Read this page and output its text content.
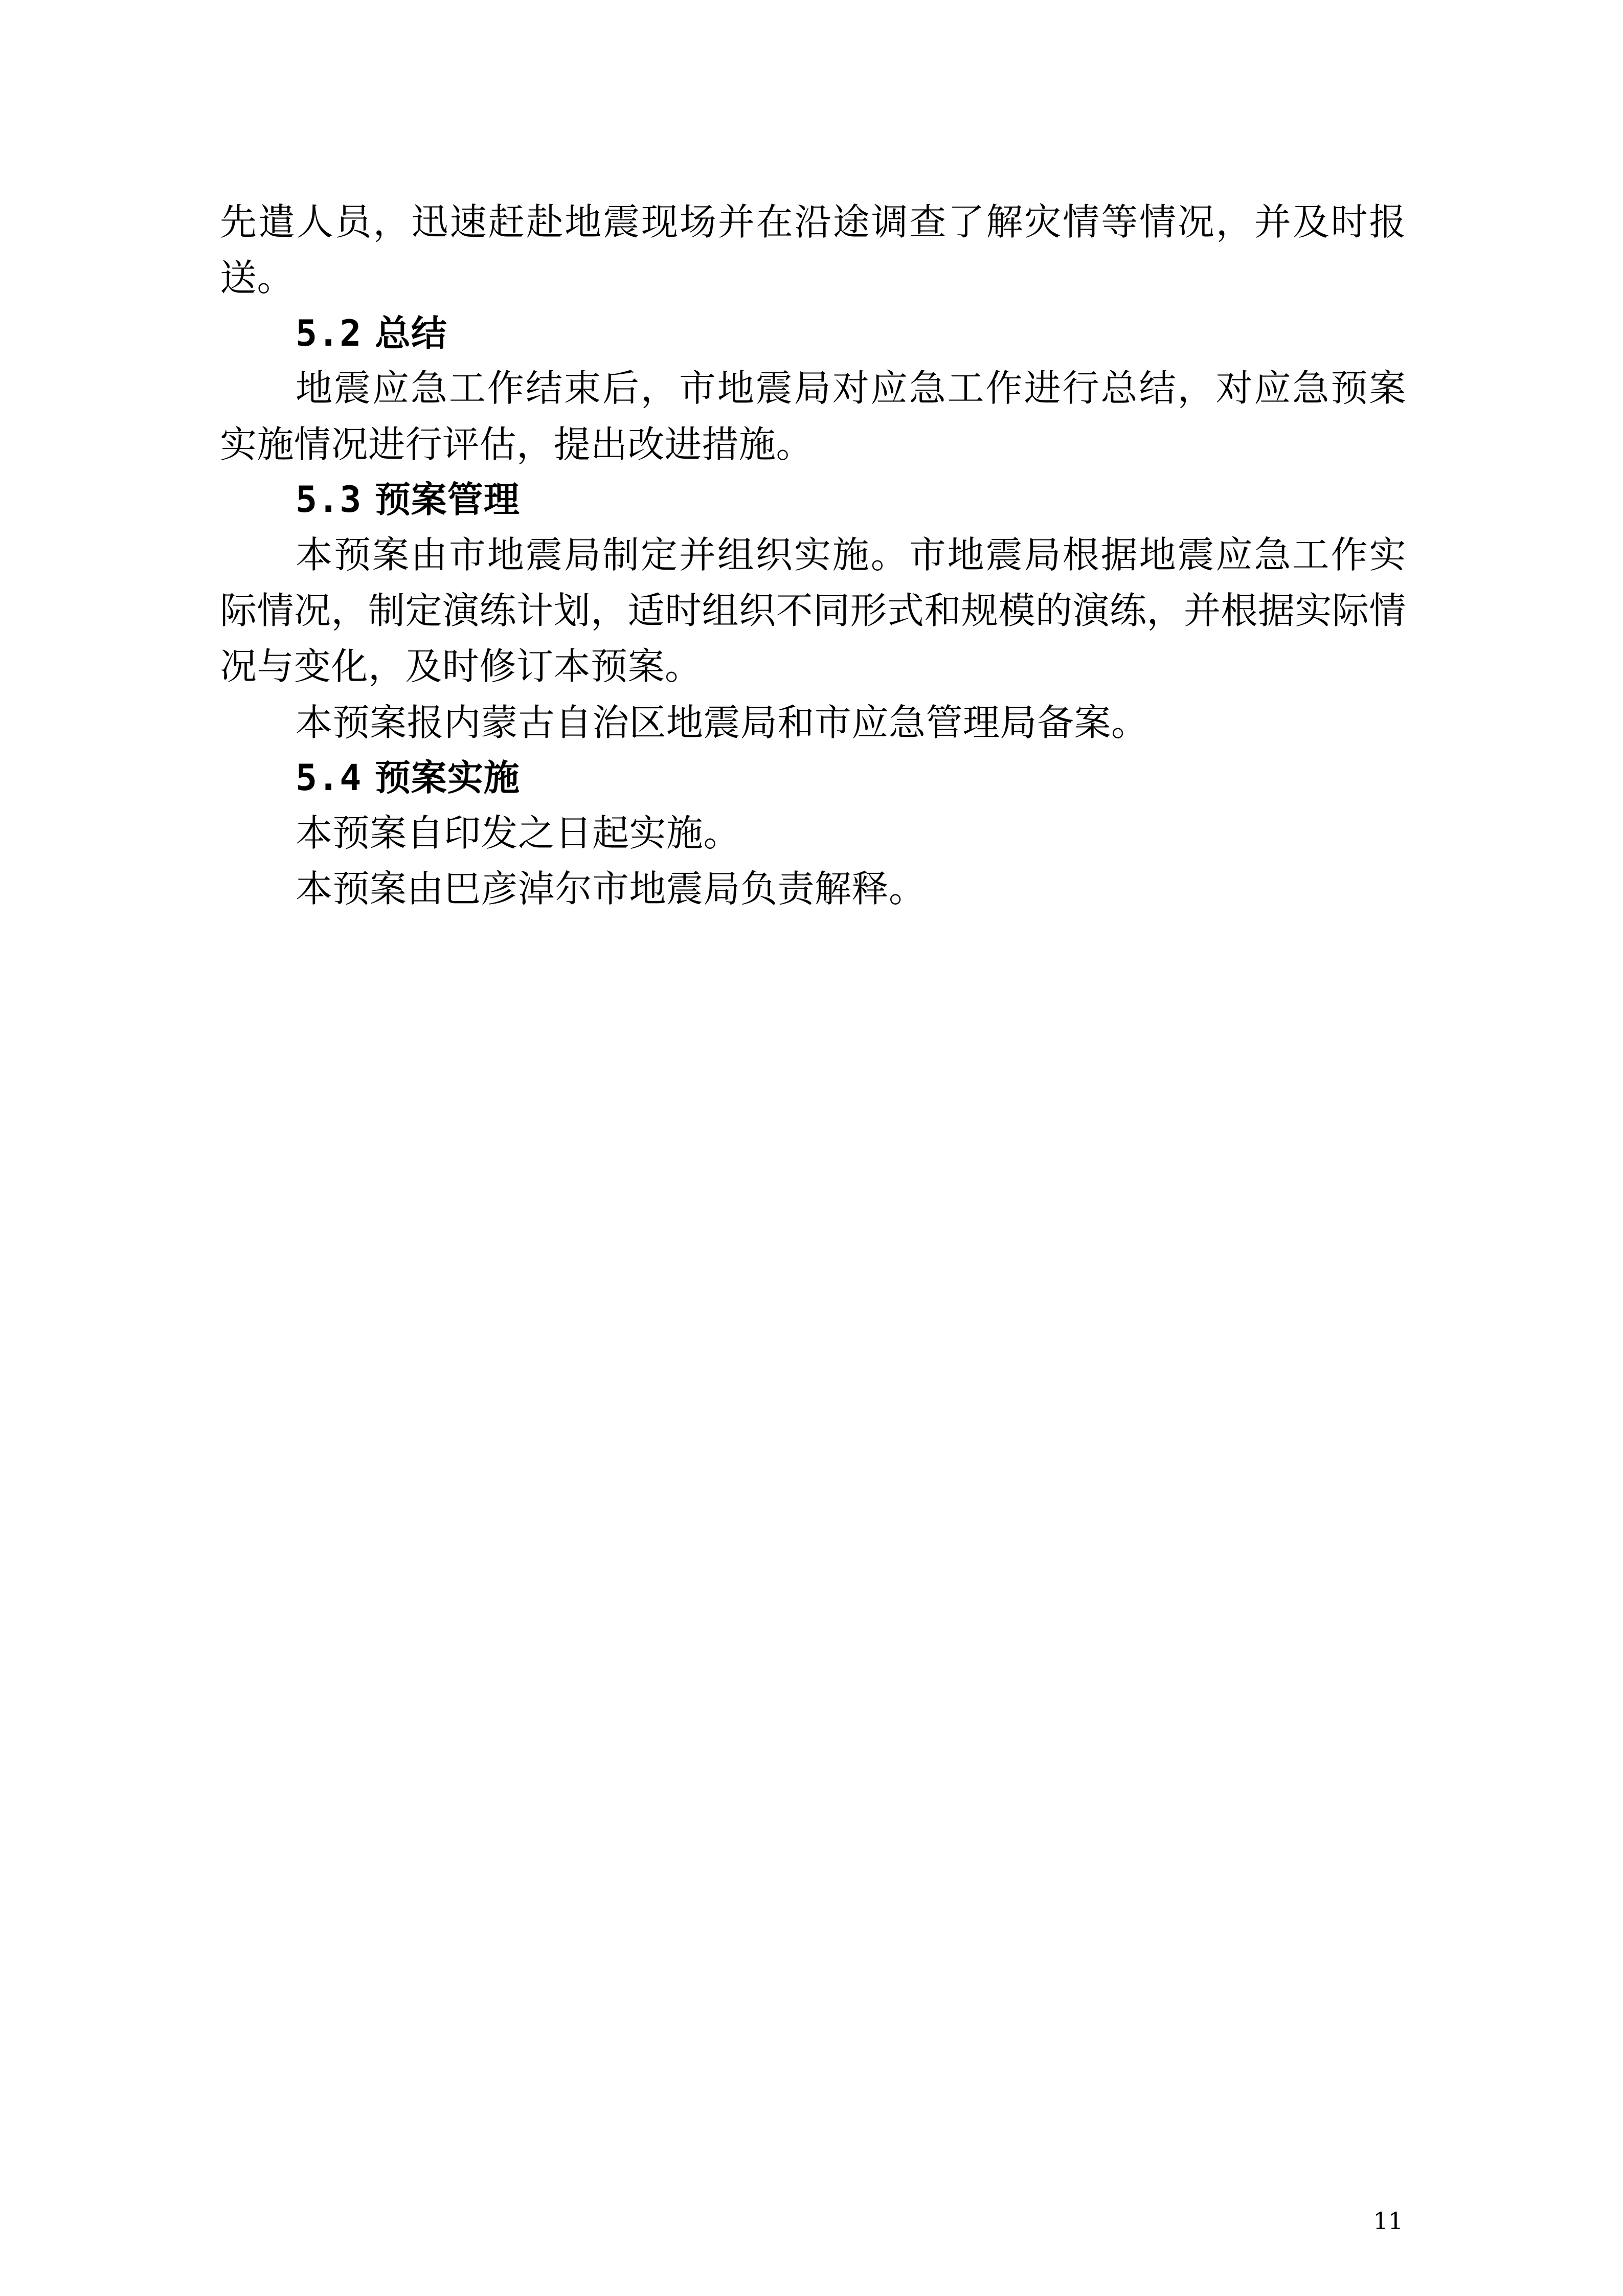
先遣人员，迅速赶赴地震现场并在沿途调查了解灾情等情况，并及时报送。

5.2 总结

地震应急工作结束后，市地震局对应急工作进行总结，对应急预案实施情况进行评估，提出改进措施。

5.3 预案管理

本预案由市地震局制定并组织实施。市地震局根据地震应急工作实际情况，制定演练计划，适时组织不同形式和规模的演练，并根据实际情况与变化，及时修订本预案。

本预案报内蒙古自治区地震局和市应急管理局备案。

5.4 预案实施

本预案自印发之日起实施。

本预案由巴彦淖尔市地震局负责解释。

11
